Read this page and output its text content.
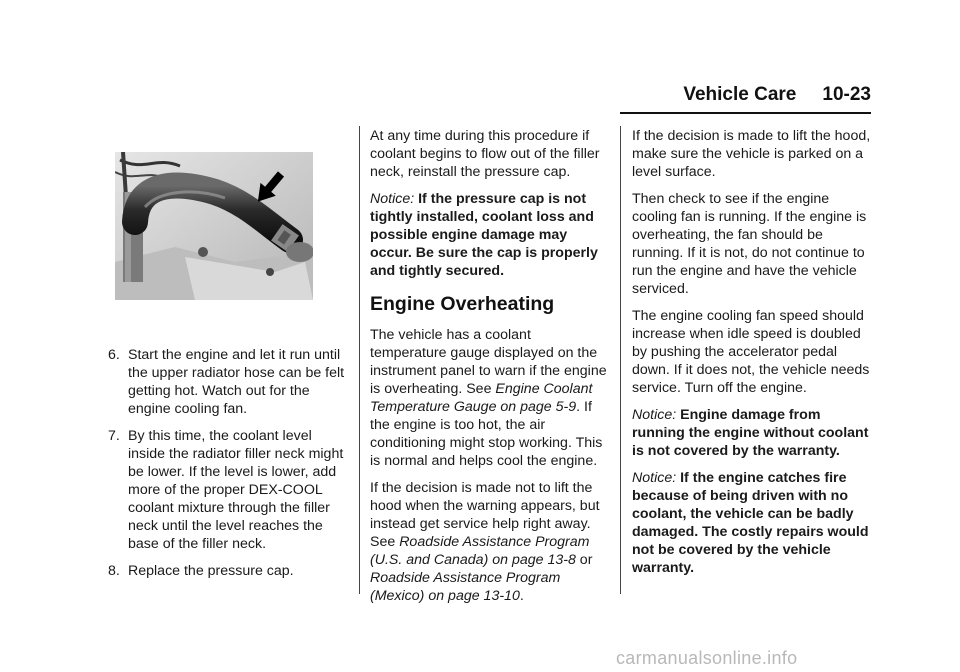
Vehicle Care 10-23
6. Start the engine and let it run until the upper radiator hose can be felt getting hot. Watch out for the engine cooling fan.
7. By this time, the coolant level inside the radiator filler neck might be lower. If the level is lower, add more of the proper DEX-COOL coolant mixture through the filler neck until the level reaches the base of the filler neck.
8. Replace the pressure cap.

At any time during this procedure if coolant begins to flow out of the filler neck, reinstall the pressure cap.

Notice: If the pressure cap is not tightly installed, coolant loss and possible engine damage may occur. Be sure the cap is properly and tightly secured.

Engine Overheating

The vehicle has a coolant temperature gauge displayed on the instrument panel to warn if the engine is overheating. See Engine Coolant Temperature Gauge on page 5-9. If the engine is too hot, the air conditioning might stop working. This is normal and helps cool the engine.

If the decision is made not to lift the hood when the warning appears, but instead get service help right away. See Roadside Assistance Program (U.S. and Canada) on page 13-8 or Roadside Assistance Program (Mexico) on page 13-10.

If the decision is made to lift the hood, make sure the vehicle is parked on a level surface.

Then check to see if the engine cooling fan is running. If the engine is overheating, the fan should be running. If it is not, do not continue to run the engine and have the vehicle serviced.

The engine cooling fan speed should increase when idle speed is doubled by pushing the accelerator pedal down. If it does not, the vehicle needs service. Turn off the engine.

Notice: Engine damage from running the engine without coolant is not covered by the warranty.

Notice: If the engine catches fire because of being driven with no coolant, the vehicle can be badly damaged. The costly repairs would not be covered by the vehicle warranty.

carmanualsonline.info
